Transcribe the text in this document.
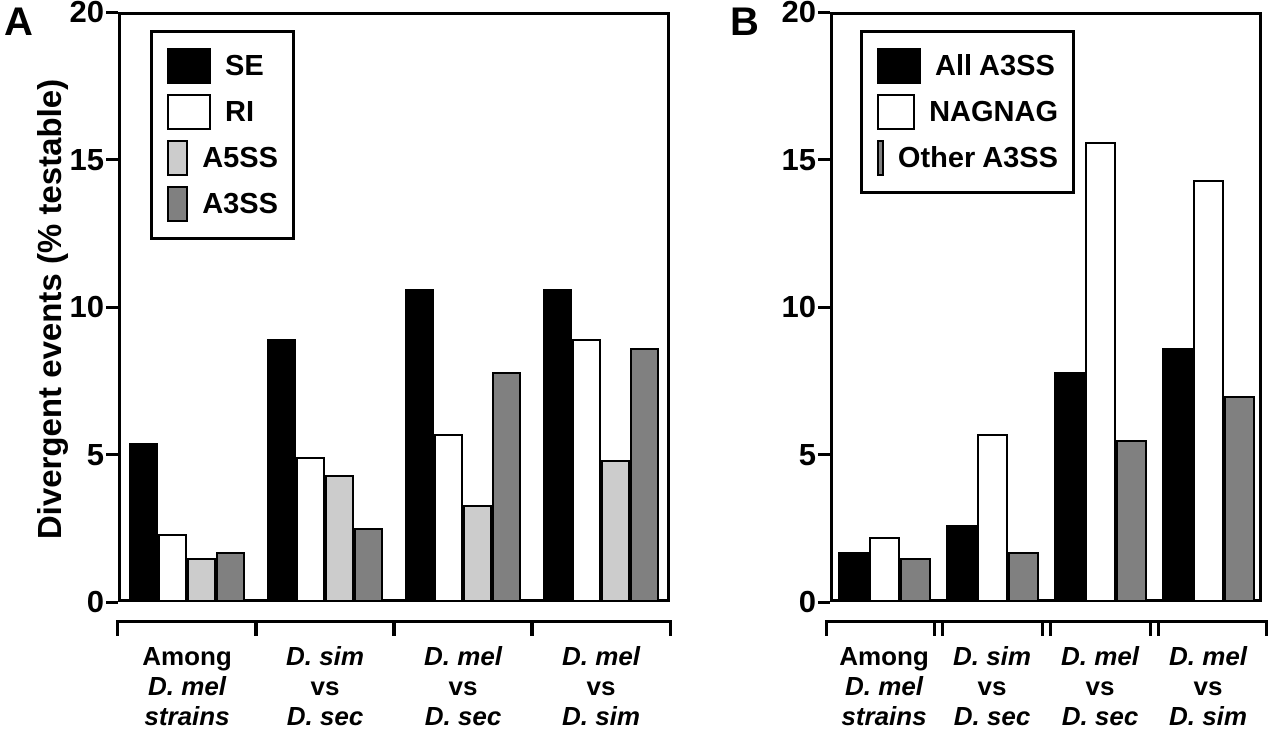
A
Divergent events (% testable)
0
5
10
15
20
SE
RI
A5SS
A3SS
Among
D. mel
strains
D. sim
vs
D. sec
D. mel
vs
D. sec
D. mel
vs
D. sim
B
0
5
10
15
20
All A3SS
NAGNAG
Other A3SS
Among
D. mel
strains
D. sim
vs
D. sec
D. mel
vs
D. sec
D. mel
vs
D. sim
